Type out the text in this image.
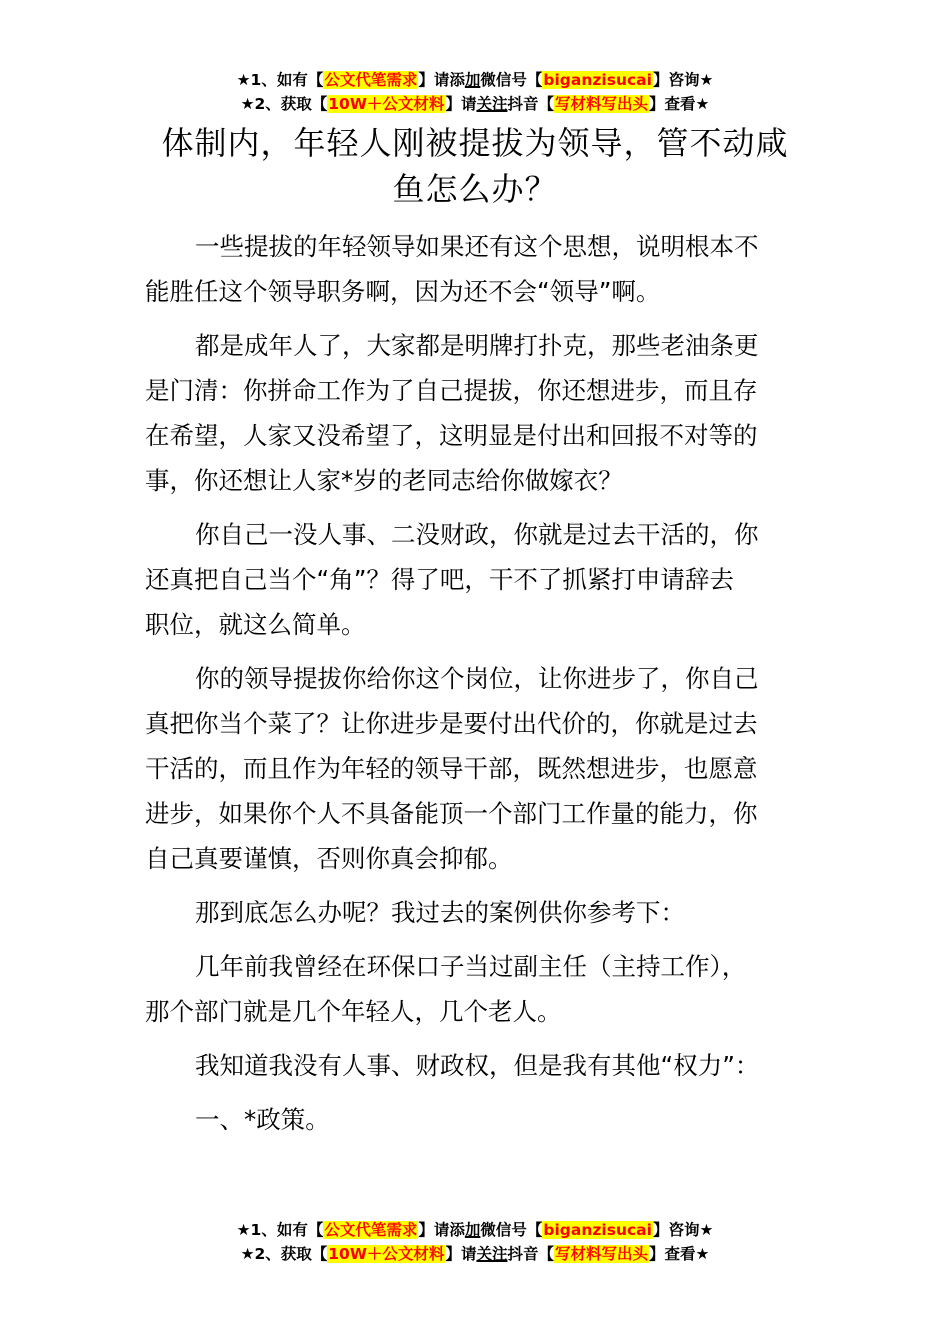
★1、如有【公文代笔需求】请添加微信号【biganzisucai】咨询★
★2、获取【10W＋公文材料】请关注抖音【写材料写出头】查看★
体制内，年轻人刚被提拔为领导，管不动咸
鱼怎么办？
一些提拔的年轻领导如果还有这个思想，说明根本不
能胜任这个领导职务啊，因为还不会“领导”啊。
都是成年人了，大家都是明牌打扑克，那些老油条更
是门清：你拼命工作为了自己提拔，你还想进步，而且存
在希望，人家又没希望了，这明显是付出和回报不对等的
事，你还想让人家*岁的老同志给你做嫁衣？
你自己一没人事、二没财政，你就是过去干活的，你
还真把自己当个“角”？得了吧，干不了抓紧打申请辞去
职位，就这么简单。
你的领导提拔你给你这个岗位，让你进步了，你自己
真把你当个菜了？让你进步是要付出代价的，你就是过去
干活的，而且作为年轻的领导干部，既然想进步，也愿意
进步，如果你个人不具备能顶一个部门工作量的能力，你
自己真要谨慎，否则你真会抑郁。
那到底怎么办呢？我过去的案例供你参考下：
几年前我曾经在环保口子当过副主任（主持工作），
那个部门就是几个年轻人，几个老人。
我知道我没有人事、财政权，但是我有其他“权力”：
一、*政策。
★1、如有【公文代笔需求】请添加微信号【biganzisucai】咨询★
★2、获取【10W＋公文材料】请关注抖音【写材料写出头】查看★
